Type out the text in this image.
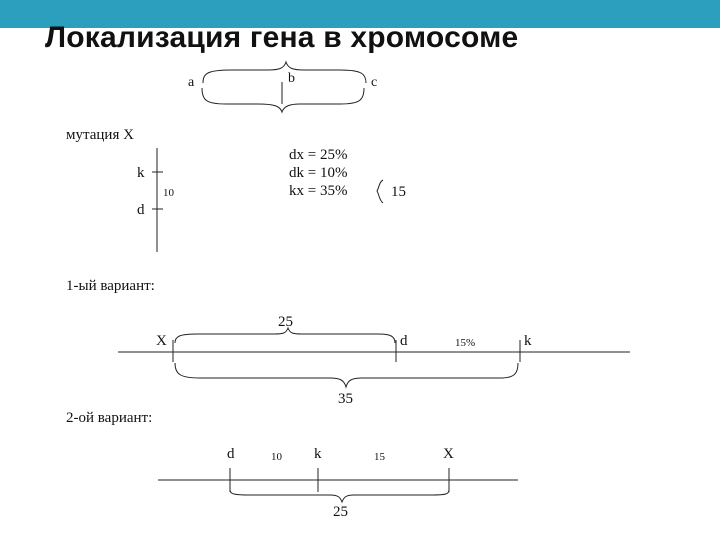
Локализация гена в хромосоме
a	b	c
мутация X
k
d
10
dx = 25%
dk = 10%
kx = 35%	15
1-ый вариант:
X	d	k
25
15%
35
2-ой вариант:
d	k	X
10	15
25
